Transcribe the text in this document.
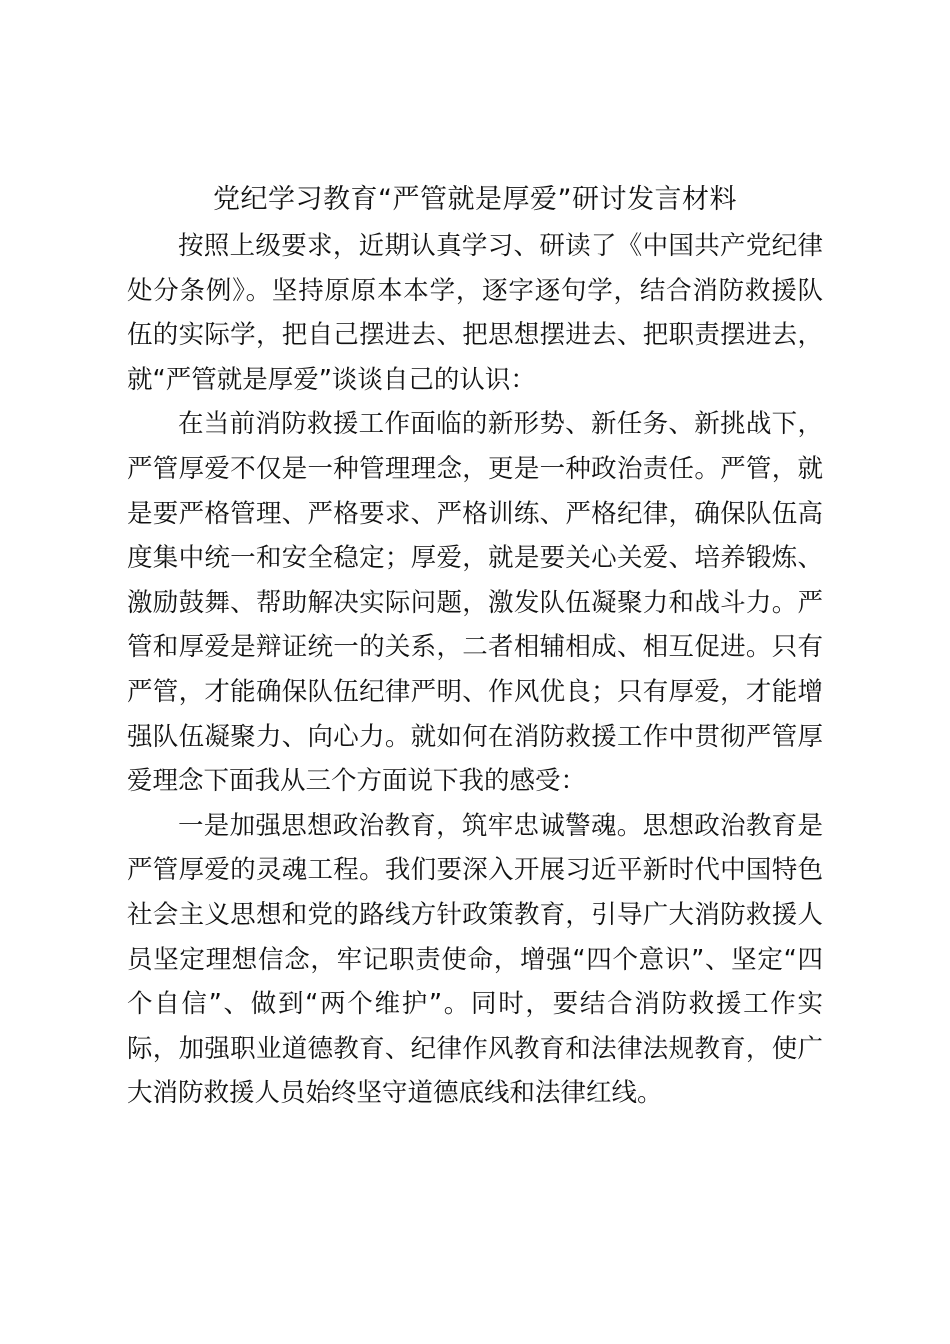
党纪学习教育“严管就是厚爱”研讨发言材料

按照上级要求，近期认真学习、研读了《中国共产党纪律处分条例》。坚持原原本本学，逐字逐句学，结合消防救援队伍的实际学，把自己摆进去、把思想摆进去、把职责摆进去，就“严管就是厚爱”谈谈自己的认识：

在当前消防救援工作面临的新形势、新任务、新挑战下，严管厚爱不仅是一种管理理念，更是一种政治责任。严管，就是要严格管理、严格要求、严格训练、严格纪律，确保队伍高度集中统一和安全稳定；厚爱，就是要关心关爱、培养锻炼、激励鼓舞、帮助解决实际问题，激发队伍凝聚力和战斗力。严管和厚爱是辩证统一的关系，二者相辅相成、相互促进。只有严管，才能确保队伍纪律严明、作风优良；只有厚爱，才能增强队伍凝聚力、向心力。就如何在消防救援工作中贯彻严管厚爱理念下面我从三个方面说下我的感受：

一是加强思想政治教育，筑牢忠诚警魂。思想政治教育是严管厚爱的灵魂工程。我们要深入开展习近平新时代中国特色社会主义思想和党的路线方针政策教育，引导广大消防救援人员坚定理想信念，牢记职责使命，增强“四个意识”、坚定“四个自信”、做到“两个维护”。同时，要结合消防救援工作实际，加强职业道德教育、纪律作风教育和法律法规教育，使广大消防救援人员始终坚守道德底线和法律红线。
